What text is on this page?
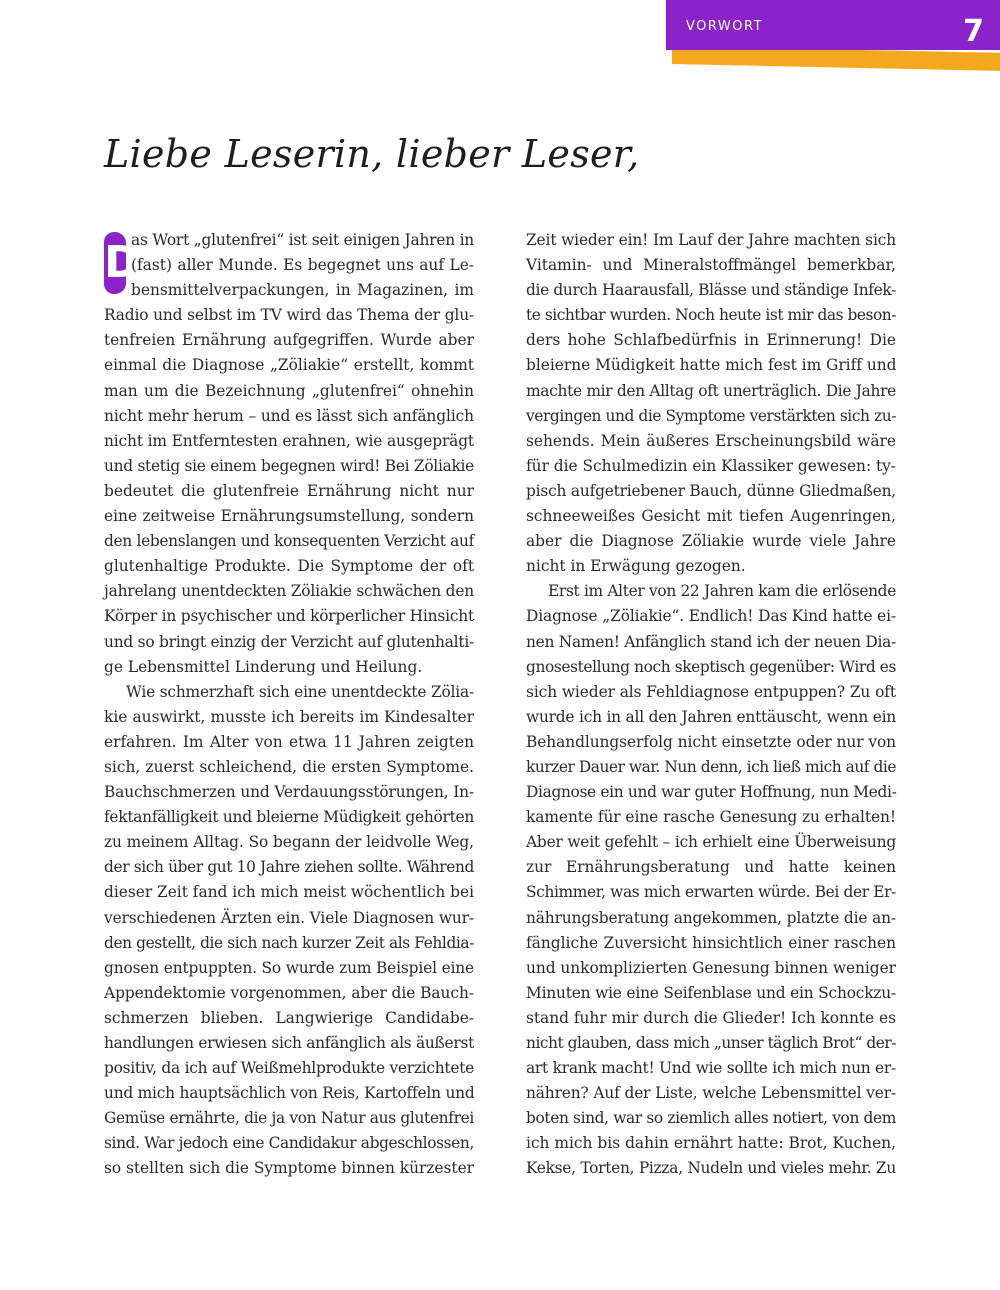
VORWORT	7
Liebe Leserin, lieber Leser,
D
as Wort „glutenfrei“ ist seit einigen Jahren in
(fast) aller Munde. Es begegnet uns auf Le-
bensmittelverpackungen, in Magazinen, im
Radio und selbst im TV wird das Thema der glu-
tenfreien Ernährung aufgegriffen. Wurde aber
einmal die Diagnose „Zöliakie“ erstellt, kommt
man um die Bezeichnung „glutenfrei“ ohnehin
nicht mehr herum – und es lässt sich anfänglich
nicht im Entferntesten erahnen, wie ausgeprägt
und stetig sie einem begegnen wird! Bei Zöliakie
bedeutet die glutenfreie Ernährung nicht nur
eine zeitweise Ernährungsumstellung, sondern
den lebenslangen und konsequenten Verzicht auf
glutenhaltige Produkte. Die Symptome der oft
jahrelang unentdeckten Zöliakie schwächen den
Körper in psychischer und körperlicher Hinsicht
und so bringt einzig der Verzicht auf glutenhalti-
ge Lebensmittel Linderung und Heilung.
Wie schmerzhaft sich eine unentdeckte Zölia-
kie auswirkt, musste ich bereits im Kindesalter
erfahren. Im Alter von etwa 11 Jahren zeigten
sich, zuerst schleichend, die ersten Symptome.
Bauchschmerzen und Verdauungsstörungen, In-
fektanfälligkeit und bleierne Müdigkeit gehörten
zu meinem Alltag. So begann der leidvolle Weg,
der sich über gut 10 Jahre ziehen sollte. Während
dieser Zeit fand ich mich meist wöchentlich bei
verschiedenen Ärzten ein. Viele Diagnosen wur-
den gestellt, die sich nach kurzer Zeit als Fehldia-
gnosen entpuppten. So wurde zum Beispiel eine
Appendektomie vorgenommen, aber die Bauch-
schmerzen blieben. Langwierige Candidabe-
handlungen erwiesen sich anfänglich als äußerst
positiv, da ich auf Weißmehlprodukte verzichtete
und mich hauptsächlich von Reis, Kartoffeln und
Gemüse ernährte, die ja von Natur aus glutenfrei
sind. War jedoch eine Candidakur abgeschlossen,
so stellten sich die Symptome binnen kürzester
Zeit wieder ein! Im Lauf der Jahre machten sich
Vitamin- und Mineralstoffmängel bemerkbar,
die durch Haarausfall, Blässe und ständige Infek-
te sichtbar wurden. Noch heute ist mir das beson-
ders hohe Schlafbedürfnis in Erinnerung! Die
bleierne Müdigkeit hatte mich fest im Griff und
machte mir den Alltag oft unerträglich. Die Jahre
vergingen und die Symptome verstärkten sich zu-
sehends. Mein äußeres Erscheinungsbild wäre
für die Schulmedizin ein Klassiker gewesen: ty-
pisch aufgetriebener Bauch, dünne Gliedmaßen,
schneeweißes Gesicht mit tiefen Augenringen,
aber die Diagnose Zöliakie wurde viele Jahre
nicht in Erwägung gezogen.
Erst im Alter von 22 Jahren kam die erlösende
Diagnose „Zöliakie“. Endlich! Das Kind hatte ei-
nen Namen! Anfänglich stand ich der neuen Dia-
gnosestellung noch skeptisch gegenüber: Wird es
sich wieder als Fehldiagnose entpuppen? Zu oft
wurde ich in all den Jahren enttäuscht, wenn ein
Behandlungserfolg nicht einsetzte oder nur von
kurzer Dauer war. Nun denn, ich ließ mich auf die
Diagnose ein und war guter Hoffnung, nun Medi-
kamente für eine rasche Genesung zu erhalten!
Aber weit gefehlt – ich erhielt eine Überweisung
zur Ernährungsberatung und hatte keinen
Schimmer, was mich erwarten würde. Bei der Er-
nährungsberatung angekommen, platzte die an-
fängliche Zuversicht hinsichtlich einer raschen
und unkomplizierten Genesung binnen weniger
Minuten wie eine Seifenblase und ein Schockzu-
stand fuhr mir durch die Glieder! Ich konnte es
nicht glauben, dass mich „unser täglich Brot“ der-
art krank macht! Und wie sollte ich mich nun er-
nähren? Auf der Liste, welche Lebensmittel ver-
boten sind, war so ziemlich alles notiert, von dem
ich mich bis dahin ernährt hatte: Brot, Kuchen,
Kekse, Torten, Pizza, Nudeln und vieles mehr. Zu
